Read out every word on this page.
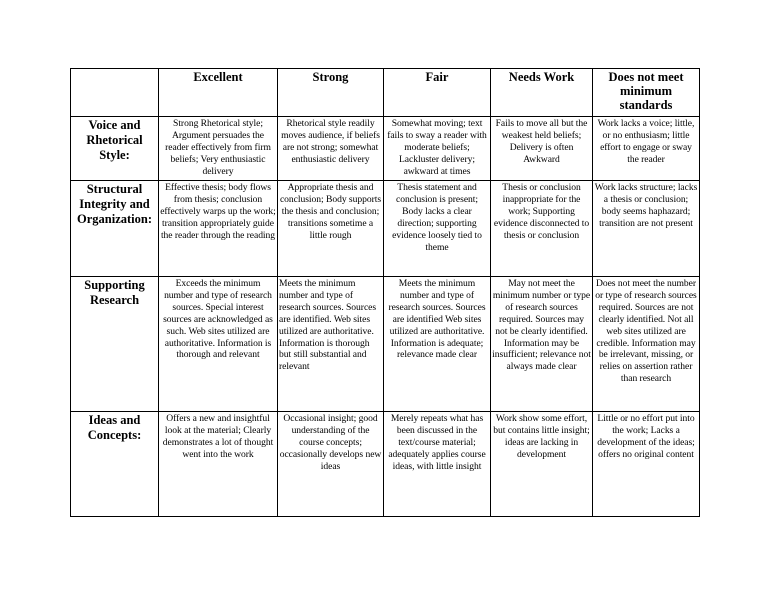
	Excellent	Strong	Fair	Needs Work	Does not meet minimum standards
Voice and Rhetorical Style:	Strong Rhetorical style; Argument persuades the reader effectively from firm beliefs; Very enthusiastic delivery	Rhetorical style readily moves audience, if beliefs are not strong; somewhat enthusiastic delivery	Somewhat moving; text fails to sway a reader with moderate beliefs; Lackluster delivery; awkward at times	Fails to move all but the weakest held beliefs; Delivery is often Awkward	Work lacks a voice; little, or no enthusiasm; little effort to engage or sway the reader
Structural Integrity and Organization:	Effective thesis; body flows from thesis; conclusion effectively warps up the work; transition appropriately guide the reader through the reading	Appropriate thesis and conclusion; Body supports the thesis and conclusion; transitions sometime a little rough	Thesis statement and conclusion is present; Body lacks a clear direction; supporting evidence loosely tied to theme	Thesis or conclusion inappropriate for the work; Supporting evidence disconnected to thesis or conclusion	Work lacks structure; lacks a thesis or conclusion; body seems haphazard; transition are not present
Supporting Research	Exceeds the minimum number and type of research sources. Special interest sources are acknowledged as such. Web sites utilized are authoritative. Information is thorough and relevant	Meets the minimum number and type of research sources. Sources are identified. Web sites utilized are authoritative. Information is thorough but still substantial and relevant	Meets the minimum number and type of research sources. Sources are identified Web sites utilized are authoritative. Information is adequate; relevance made clear	May not meet the minimum number or type of research sources required. Sources may not be clearly identified. Information may be insufficient; relevance not always made clear	Does not meet the number or type of research sources required. Sources are not clearly identified. Not all web sites utilized are credible. Information may be irrelevant, missing, or relies on assertion rather than research
Ideas and Concepts:	Offers a new and insightful look at the material; Clearly demonstrates a lot of thought went into the work	Occasional insight; good understanding of the course concepts; occasionally develops new ideas	Merely repeats what has been discussed in the text/course material; adequately applies course ideas, with little insight	Work show some effort, but contains little insight; ideas are lacking in development	Little or no effort put into the work; Lacks a development of the ideas; offers no original content
